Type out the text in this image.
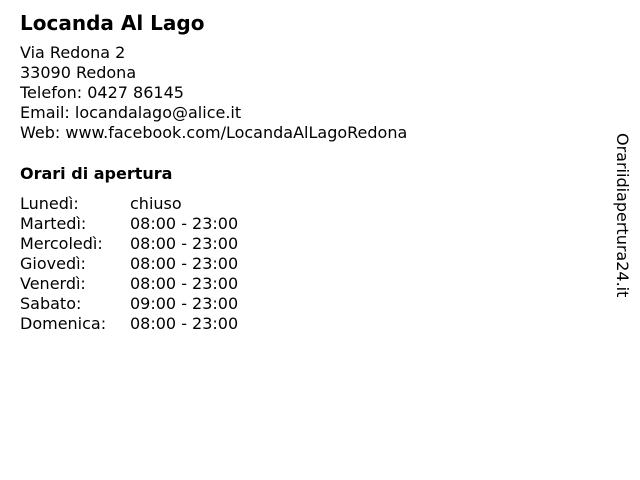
Locanda Al Lago
Via Redona 2
33090 Redona
Telefon: 0427 86145
Email: locandalago@alice.it
Web: www.facebook.com/LocandaAlLagoRedona
Orari di apertura
Lunedì:	chiuso
Martedì:	08:00 - 23:00
Mercoledì: 08:00 - 23:00
Giovedì:	08:00 - 23:00
Venerdì:	08:00 - 23:00
Sabato:	09:00 - 23:00
Domenica: 08:00 - 23:00
Orariidiapertura24.it
